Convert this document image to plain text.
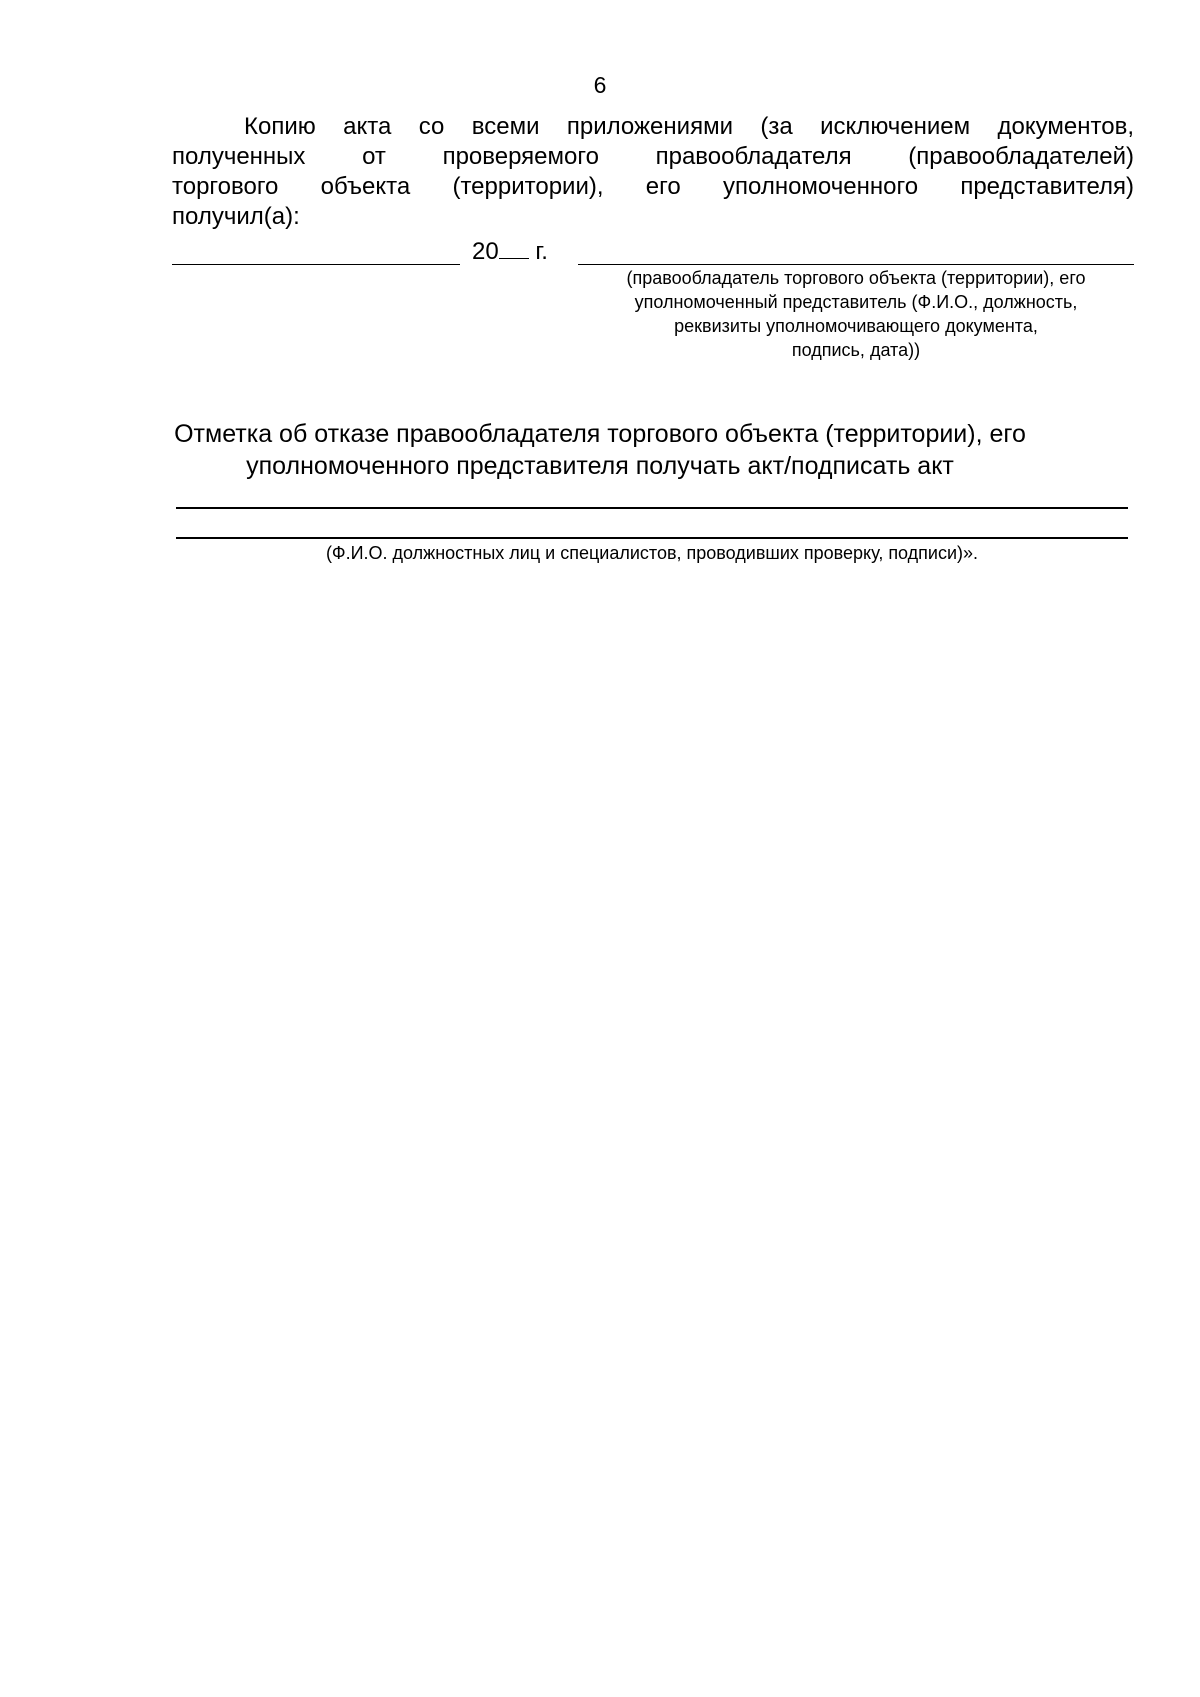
6
Копию акта со всеми приложениями (за исключением документов,
полученных от проверяемого правообладателя (правообладателей)
торгового объекта (территории), его уполномоченного представителя)
получил(а):
20 г.
(правообладатель торгового объекта (территории), его
уполномоченный представитель (Ф.И.О., должность,
реквизиты уполномочивающего документа,
подпись, дата))
Отметка об отказе правообладателя торгового объекта (территории), его
уполномоченного представителя получать акт/подписать акт
(Ф.И.О. должностных лиц и специалистов, проводивших проверку, подписи)».
